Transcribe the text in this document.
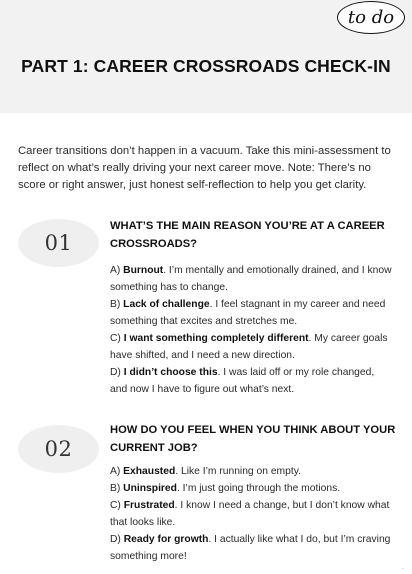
to do
PART 1: CAREER CROSSROADS CHECK-IN

Career transitions don’t happen in a vacuum. Take this mini-assessment to reflect on what’s really driving your next career move. Note: There’s no score or right answer, just honest self-reflection to help you get clarity.

01

WHAT’S THE MAIN REASON YOU’RE AT A CAREER CROSSROADS?

A) Burnout. I’m mentally and emotionally drained, and I know something has to change.
B) Lack of challenge. I feel stagnant in my career and need something that excites and stretches me.
C) I want something completely different. My career goals have shifted, and I need a new direction.
D) I didn’t choose this. I was laid off or my role changed, and now I have to figure out what’s next.
02

HOW DO YOU FEEL WHEN YOU THINK ABOUT YOUR CURRENT JOB?

A) Exhausted. Like I’m running on empty.
B) Uninspired. I’m just going through the motions.
C) Frustrated. I know I need a change, but I don’t know what that looks like.
D) Ready for growth. I actually like what I do, but I’m craving something more!
·
